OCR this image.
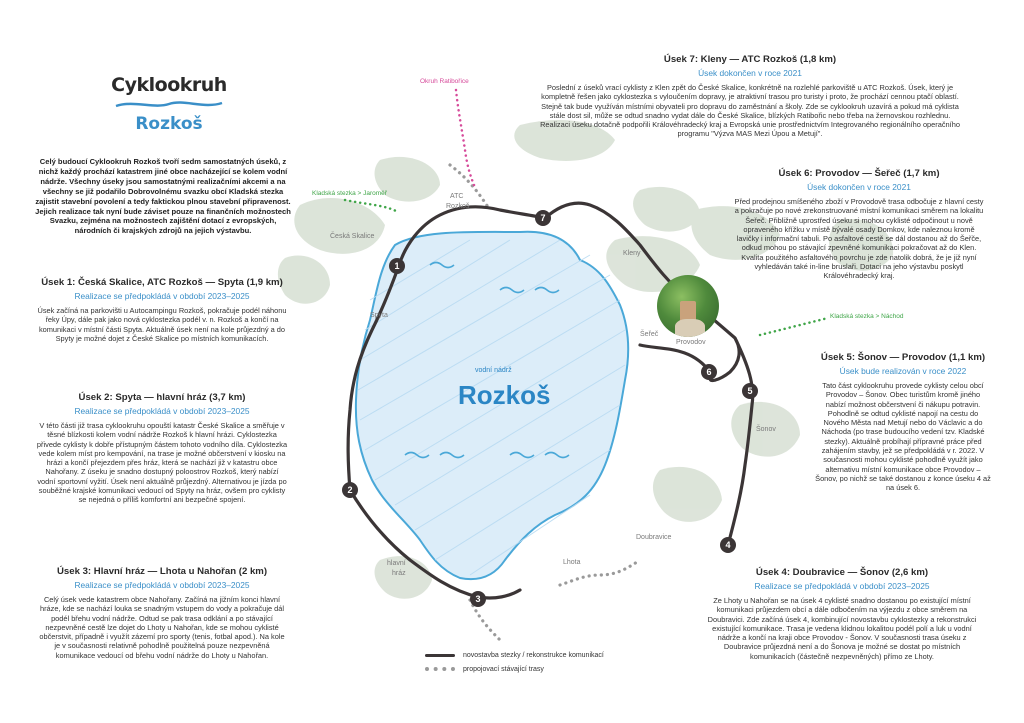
1
2
3
4
5
6
7
Cyklookruh
Rozkoš
Celý budoucí Cyklookruh Rozkoš tvoří sedm samostatných úseků, z nichž každý prochází katastrem jiné obce nacházející se kolem vodní nádrže. Všechny úseky jsou samostatnými realizačními akcemi a na všechny se již podařilo Dobrovolnému svazku obcí Kladská stezka zajistit stavební povolení a tedy faktickou plnou stavební připravenost. Jejich realizace tak nyní bude záviset pouze na finančních možnostech Svazku, zejména na možnostech zajištění dotací z evropských, národních či krajských zdrojů na jejich výstavbu.
Úsek 1: Česká Skalice, ATC Rozkoš — Spyta (1,9 km)
Realizace se předpokládá v období 2023–2025
Úsek začíná na parkovišti u Autocampingu Rozkoš, pokračuje podél náhonu řeky Úpy, dále pak jako nová cyklostezka podél v. n. Rozkoš a končí na komunikaci v místní části Spyta. Aktuálně úsek není na kole průjezdný a do Spyty je možné dojet z České Skalice po místních komunikacích.
Úsek 2: Spyta — hlavní hráz (3,7 km)
Realizace se předpokládá v období 2023–2025
V této části již trasa cyklookruhu opouští katastr České Skalice a směřuje v těsné blízkosti kolem vodní nádrže Rozkoš k hlavní hrázi. Cyklostezka přivede cyklisty k dobře přístupným částem tohoto vodního díla. Cyklostezka vede kolem míst pro kempování, na trase je možné občerstvení v kiosku na hrázi a končí přejezdem přes hráz, která se nachází již v katastru obce Nahořany. Z úseku je snadno dostupný poloostrov Rozkoš, který nabízí vodní sportovní vyžití. Úsek není aktuálně průjezdný. Alternativou je jízda po souběžné krajské komunikaci vedoucí od Spyty na hráz, ovšem pro cyklisty se nejedná o příliš komfortní ani bezpečné spojení.
Úsek 3: Hlavní hráz — Lhota u Nahořan (2 km)
Realizace se předpokládá v období 2023–2025
Celý úsek vede katastrem obce Nahořany. Začíná na jižním konci hlavní hráze, kde se nachází louka se snadným vstupem do vody a pokračuje dál podél břehu vodní nádrže. Odtud se pak trasa odklání a po stávající nezpevněné cestě lze dojet do Lhoty u Nahořan, kde se mohou cyklisté občerstvit, případně i využít zázemí pro sporty (tenis, fotbal apod.). Na kole je v současnosti relativně pohodlně použitelná pouze nezpevněná komunikace vedoucí od břehu vodní nádrže do Lhoty u Nahořan.
Úsek 7: Kleny — ATC Rozkoš (1,8 km)
Úsek dokončen v roce 2021
Poslední z úseků vrací cyklisty z Klen zpět do České Skalice, konkrétně na rozlehlé parkoviště u ATC Rozkoš. Úsek, který je kompletně řešen jako cyklostezka s vyloučením dopravy, je atraktivní trasou pro turisty i proto, že prochází cennou ptačí oblastí. Stejně tak bude využíván místními obyvateli pro dopravu do zaměstnání a školy. Zde se cyklookruh uzavírá a pokud má cyklista stále dost sil, může se odtud snadno vydat dále do České Skalice, blízkých Ratibořic nebo třeba na žernovskou rozhlednu. Realizaci úseku dotačně podpořili Královéhradecký kraj a Evropská unie prostřednictvím Integrovaného regionálního operačního programu "Výzva MAS Mezi Úpou a Metují".
Úsek 6: Provodov — Šeřeč (1,7 km)
Úsek dokončen v roce 2021
Před prodejnou smíšeného zboží v Provodově trasa odbočuje z hlavní cesty a pokračuje po nové zrekonstruované místní komunikaci směrem na lokalitu Šeřeč. Přibližně uprostřed úseku si mohou cyklisté odpočinout u nově opraveného křížku v místě bývalé osady Domkov, kde naleznou kromě lavičky i informační tabuli. Po asfaltové cestě se dál dostanou až do Šeřče, odkud mohou po stávající zpevněné komunikaci pokračovat až do Klen. Kvalita použitého asfaltového povrchu je zde natolik dobrá, že je již nyní vyhledáván také in-line bruslaři. Dotaci na jeho výstavbu poskytl Královéhradecký kraj.
Úsek 5: Šonov — Provodov (1,1 km)
Úsek bude realizován v roce 2022
Tato část cyklookruhu provede cyklisty celou obcí Provodov – Šonov. Obec turistům kromě jiného nabízí možnost občerstvení či nákupu potravin. Pohodlně se odtud cyklisté napojí na cestu do Nového Města nad Metují nebo do Václavic a do Náchoda (po trase budoucího vedení tzv. Kladské stezky). Aktuálně probíhají přípravné práce před zahájením stavby, jež se předpokládá v r. 2022. V současnosti mohou cyklisté pohodlně využít jako alternativu místní komunikace obce Provodov – Šonov, po nichž se také dostanou z konce úseku 4 až na úsek 6.
Úsek 4: Doubravice — Šonov (2,6 km)
Realizace se předpokládá v období 2023–2025
Ze Lhoty u Nahořan se na úsek 4 cyklisté snadno dostanou po existující místní komunikaci průjezdem obcí a dále odbočením na výjezdu z obce směrem na Doubravici. Zde začíná úsek 4, kombinující novostavbu cyklostezky a rekonstrukci existující komunikace. Trasa je vedena klidnou lokalitou podél polí a luk u vodní nádrže a končí na kraji obce Provodov - Šonov. V současnosti trasa úseku z Doubravice průjezdná není a do Šonova je možné se dostat po místních komunikacích (částečně nezpevněných) přímo ze Lhoty.
vodní nádrž
Rozkoš
Česká Skalice
ATC
Rozkoš
Spyta
Kleny
Šeřeč
Provodov
Šonov
Doubravice
Lhota
hlavní
hráz
Okruh Ratibořice
Kladská stezka > Jaroměř
Kladská stezka > Náchod
novostavba stezky / rekonstrukce komunikací
propojovací stávající trasy
